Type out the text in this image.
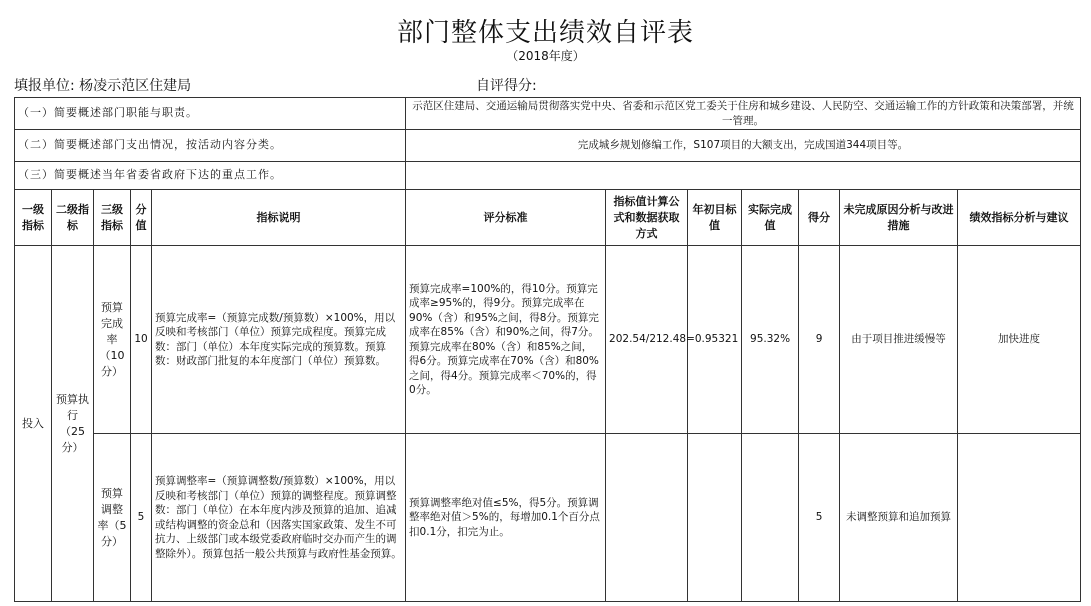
部门整体支出绩效自评表
（2018年度）
填报单位: 杨凌示范区住建局	自评得分:
（一）简要概述部门职能与职责。					示范区住建局、交通运输局贯彻落实党中央、省委和示范区党工委关于住房和城乡建设、人民防空、交通运输工作的方针政策和决策部署，并统一管理。						
（二）简要概述部门支出情况，按活动内容分类。					完成城乡规划修编工作，S107项目的大额支出，完成国道344项目等。						
（三）简要概述当年省委省政府下达的重点工作。											
一级指标	二级指标	三级指标	分值	指标说明	评分标准	指标值计算公式和数据获取方式	年初目标值	实际完成值	得分	未完成原因分析与改进措施	绩效指标分析与建议
投入	预算执行（25分）	预算完成率（10分）	10	预算完成率=（预算完成数/预算数）×100%，用以反映和考核部门（单位）预算完成程度。预算完成数：部门（单位）本年度实际完成的预算数。预算数：财政部门批复的本年度部门（单位）预算数。	预算完成率=100%的，得10分。预算完成率≥95%的，得9分。预算完成率在90%（含）和95%之间，得8分。预算完成率在85%（含）和90%之间，得7分。预算完成率在80%（含）和85%之间，得6分。预算完成率在70%（含）和80%之间，得4分。预算完成率＜70%的，得0分。	202.54/212.48=0.95321		95.32%	9	由于项目推进缓慢等	加快进度
		预算调整率（5分）	5	预算调整率=（预算调整数/预算数）×100%，用以反映和考核部门（单位）预算的调整程度。预算调整数：部门（单位）在本年度内涉及预算的追加、追减或结构调整的资金总和（因落实国家政策、发生不可抗力、上级部门或本级党委政府临时交办而产生的调整除外）。预算包括一般公共预算与政府性基金预算。	预算调整率绝对值≤5%，得5分。预算调整率绝对值＞5%的，每增加0.1个百分点扣0.1分，扣完为止。				5	未调整预算和追加预算	
